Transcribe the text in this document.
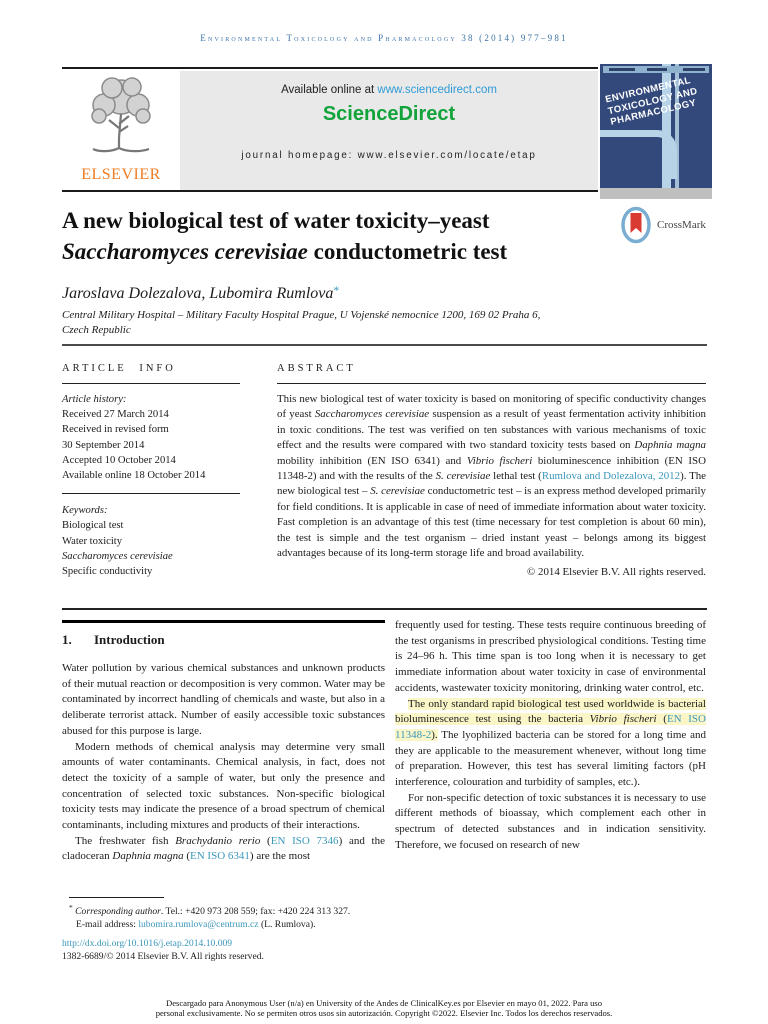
Environmental Toxicology and Pharmacology 38 (2014) 977–981
ELSEVIER
Available online at www.sciencedirect.com
ScienceDirect
journal homepage: www.elsevier.com/locate/etap
ENVIRONMENTAL
TOXICOLOGY AND
PHARMACOLOGY
A new biological test of water toxicity–yeast
Saccharomyces cerevisiae conductometric test
CrossMark
Jaroslava Dolezalova, Lubomira Rumlova*
Central Military Hospital – Military Faculty Hospital Prague, U Vojenské nemocnice 1200, 169 02 Praha 6,
Czech Republic

ARTICLE INFO

Article history:

Received 27 March 2014

Received in revised form

30 September 2014

Accepted 10 October 2014

Available online 18 October 2014

Keywords:

Biological test

Water toxicity

Saccharomyces cerevisiae

Specific conductivity

ABSTRACT

This new biological test of water toxicity is based on monitoring of specific conductivity changes of yeast Saccharomyces cerevisiae suspension as a result of yeast fermentation activity inhibition in toxic conditions. The test was verified on ten substances with various mechanisms of toxic effect and the results were compared with two standard toxicity tests based on Daphnia magna mobility inhibition (EN ISO 6341) and Vibrio fischeri bioluminescence inhibition (EN ISO 11348-2) and with the results of the S. cerevisiae lethal test (Rumlova and Dolezalova, 2012). The new biological test – S. cerevisiae conductometric test – is an express method developed primarily for field conditions. It is applicable in case of need of immediate information about water toxicity. Fast completion is an advantage of this test (time necessary for test completion is about 60 min), the test is simple and the test organism – dried instant yeast – belongs among its biggest advantages because of its long-term storage life and broad availability.

© 2014 Elsevier B.V. All rights reserved.

1. Introduction

Water pollution by various chemical substances and unknown products of their mutual reaction or decomposition is very common. Water may be contaminated by incorrect handling of chemicals and waste, but also in a deliberate terrorist attack. Number of easily accessible toxic substances abused for this purpose is large.

Modern methods of chemical analysis may determine very small amounts of water contaminants. Chemical analysis, in fact, does not detect the toxicity of a sample of water, but only the presence and concentration of selected toxic substances. Non-specific biological toxicity tests may indicate the presence of a broad spectrum of chemical contaminants, including mixtures and products of their interactions.

The freshwater fish Brachydanio rerio (EN ISO 7346) and the cladoceran Daphnia magna (EN ISO 6341) are the most

frequently used for testing. These tests require continuous breeding of the test organisms in prescribed physiological conditions. Testing time is 24–96 h. This time span is too long when it is necessary to get immediate information about water toxicity in case of environmental accidents, wastewater toxicity monitoring, drinking water control, etc.

The only standard rapid biological test used worldwide is bacterial bioluminescence test using the bacteria Vibrio fischeri (EN ISO 11348-2). The lyophilized bacteria can be stored for a long time and they are applicable to the measurement whenever, without long time of preparation. However, this test has several limiting factors (pH interference, colouration and turbidity of samples, etc.).

For non-specific detection of toxic substances it is necessary to use different methods of bioassay, which complement each other in spectrum of detected substances and in indication sensitivity. Therefore, we focused on research of new

* Corresponding author. Tel.: +420 973 208 559; fax: +420 224 313 327.

E-mail address: lubomira.rumlova@centrum.cz (L. Rumlova).

http://dx.doi.org/10.1016/j.etap.2014.10.009

1382-6689/© 2014 Elsevier B.V. All rights reserved.

Descargado para Anonymous User (n/a) en University of the Andes de ClinicalKey.es por Elsevier en mayo 01, 2022. Para uso
personal exclusivamente. No se permiten otros usos sin autorización. Copyright ©2022. Elsevier Inc. Todos los derechos reservados.
